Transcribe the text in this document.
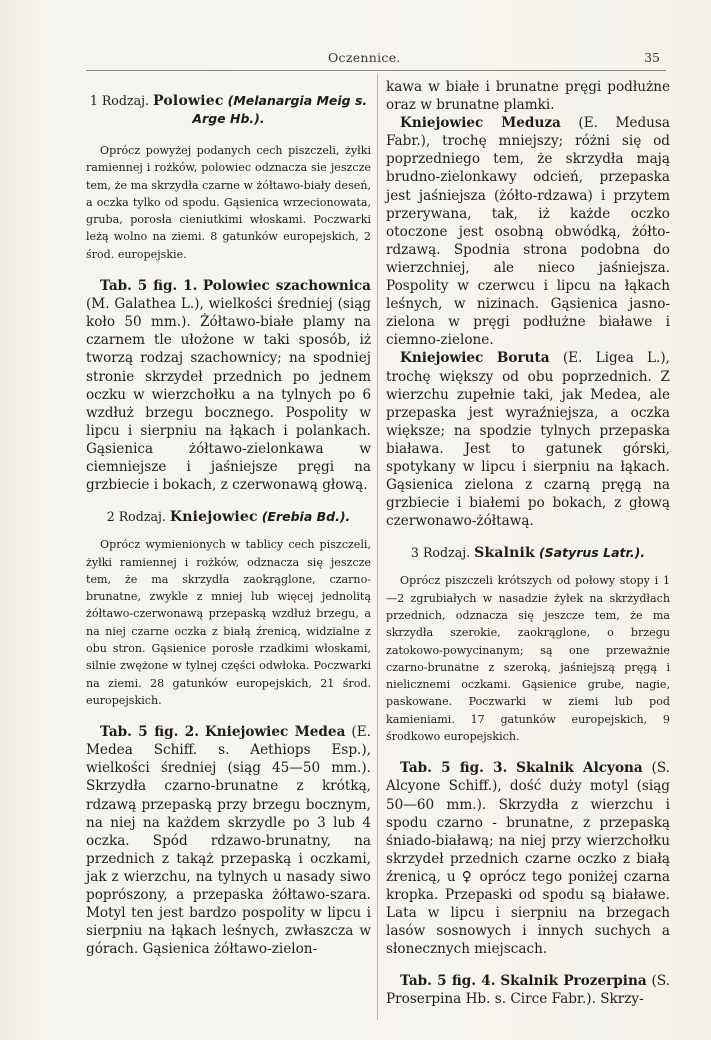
Oczennice.	35

1 Rodzaj. Polowiec (Melanargia Meig s. Arge Hb.).

Oprócz powyżej podanych cech piszczeli, żyłki ramiennej i rożków, polowiec odznacza sie jeszcze tem, że ma skrzydła czarne w żółtawo-biały deseń, a oczka tylko od spodu. Gąsienica wrzecionowata, gruba, porosła cieniutkimi włoskami. Poczwarki leżą wolno na ziemi. 8 gatunków europejskich, 2 środ. europejskie.

Tab. 5 fig. 1. Polowiec szachownica (M. Galathea L.), wielkości średniej (siąg koło 50 mm.). Żółtawo-białe plamy na czarnem tle ułożone w taki sposób, iż tworzą rodzaj szachownicy; na spodniej stronie skrzydeł przednich po jednem oczku w wierzchołku a na tylnych po 6 wzdłuż brzegu bocznego. Pospolity w lipcu i sierpniu na łąkach i polankach. Gąsienica żółtawo-zielonkawa w ciemniejsze i jaśniejsze pręgi na grzbiecie i bokach, z czerwonawą głową.

2 Rodzaj. Kniejowiec (Erebia Bd.).

Oprócz wymienionych w tablicy cech piszczeli, żyłki ramiennej i rożków, odznacza się jeszcze tem, że ma skrzydła zaokrąglone, czarno-brunatne, zwykle z mniej lub więcej jednolitą żółtawo-czerwonawą przepaską wzdłuż brzegu, a na niej czarne oczka z białą źrenicą, widzialne z obu stron. Gąsienice porosłe rzadkimi włoskami, silnie zwężone w tylnej części odwłoka. Poczwarki na ziemi. 28 gatunków europejskich, 21 środ. europejskich.

Tab. 5 fig. 2. Kniejowiec Medea (E. Medea Schiff. s. Aethiops Esp.), wielkości średniej (siąg 45—50 mm.). Skrzydła czarno-brunatne z krótką, rdzawą przepaską przy brzegu bocznym, na niej na każdem skrzydle po 3 lub 4 oczka. Spód rdzawo-brunatny, na przednich z takąż przepaską i oczkami, jak z wierzchu, na tylnych u nasady siwo poprószony, a przepaska żółtawo-szara. Motyl ten jest bardzo pospolity w lipcu i sierpniu na łąkach leśnych, zwłaszcza w górach. Gąsienica żółtawo-zielon-

kawa w białe i brunatne pręgi podłużne oraz w brunatne plamki.

Kniejowiec Meduza (E. Medusa Fabr.), trochę mniejszy; różni się od poprzedniego tem, że skrzydła mają brudno-zielonkawy odcień, przepaska jest jaśniejsza (żółto-rdzawa) i przytem przerywana, tak, iż każde oczko otoczone jest osobną obwódką, żółto-rdzawą. Spodnia strona podobna do wierzchniej, ale nieco jaśniejsza. Pospolity w czerwcu i lipcu na łąkach leśnych, w nizinach. Gąsienica jasno-zielona w pręgi podłużne białawe i ciemno-zielone.

Kniejowiec Boruta (E. Ligea L.), trochę większy od obu poprzednich. Z wierzchu zupełnie taki, jak Medea, ale przepaska jest wyraźniejsza, a oczka większe; na spodzie tylnych przepaska biaława. Jest to gatunek górski, spotykany w lipcu i sierpniu na łąkach. Gąsienica zielona z czarną pręgą na grzbiecie i białemi po bokach, z głową czerwonawo-żółtawą.

3 Rodzaj. Skalnik (Satyrus Latr.).

Oprócz piszczeli krótszych od połowy stopy i 1—2 zgrubiałych w nasadzie żyłek na skrzydłach przednich, odznacza się jeszcze tem, że ma skrzydła szerokie, zaokrąglone, o brzegu zatokowo-powycinanym; są one przeważnie czarno-brunatne z szeroką, jaśniejszą pręgą i nielicznemi oczkami. Gąsienice grube, nagie, paskowane. Poczwarki w ziemi lub pod kamieniami. 17 gatunków europejskich, 9 środkowo europejskich.

Tab. 5 fig. 3. Skalnik Alcyona (S. Alcyone Schiff.), dość duży motyl (siąg 50—60 mm.). Skrzydła z wierzchu i spodu czarno - brunatne, z przepaską śniado-białawą; na niej przy wierzchołku skrzydeł przednich czarne oczko z białą źrenicą, u ♀ oprócz tego poniżej czarna kropka. Przepaski od spodu są białawe. Lata w lipcu i sierpniu na brzegach lasów sosnowych i innych suchych a słonecznych miejscach.

Tab. 5 fig. 4. Skalnik Prozerpina (S. Proserpina Hb. s. Circe Fabr.). Skrzy-
